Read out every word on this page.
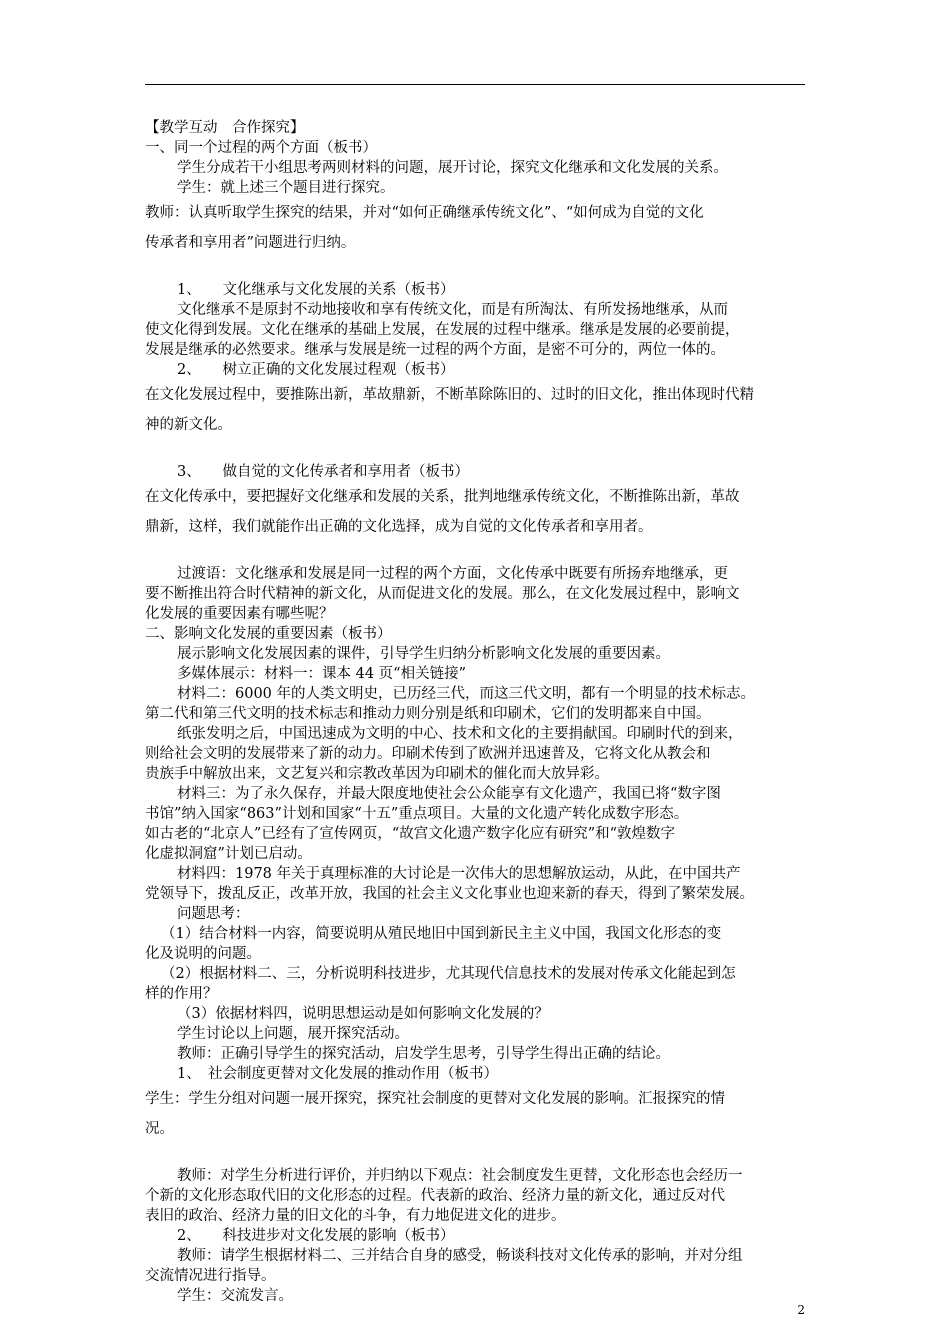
【教学互动　合作探究】
一、同一个过程的两个方面（板书）
学生分成若干小组思考两则材料的问题，展开讨论，探究文化继承和文化发展的关系。
学生：就上述三个题目进行探究。
教师：认真听取学生探究的结果，并对“如何正确继承传统文化”、“如何成为自觉的文化
传承者和享用者”问题进行归纳。
1、　　文化继承与文化发展的关系（板书）
文化继承不是原封不动地接收和享有传统文化，而是有所淘汰、有所发扬地继承，从而
使文化得到发展。文化在继承的基础上发展，在发展的过程中继承。继承是发展的必要前提，
发展是继承的必然要求。继承与发展是统一过程的两个方面，是密不可分的，两位一体的。
2、　　树立正确的文化发展过程观（板书）
在文化发展过程中，要推陈出新，革故鼎新，不断革除陈旧的、过时的旧文化，推出体现时代精
神的新文化。
3、　　做自觉的文化传承者和享用者（板书）
在文化传承中，要把握好文化继承和发展的关系，批判地继承传统文化，不断推陈出新，革故
鼎新，这样，我们就能作出正确的文化选择，成为自觉的文化传承者和享用者。
过渡语：文化继承和发展是同一过程的两个方面，文化传承中既要有所扬弃地继承，更
要不断推出符合时代精神的新文化，从而促进文化的发展。那么，在文化发展过程中，影响文
化发展的重要因素有哪些呢？
二、影响文化发展的重要因素（板书）
展示影响文化发展因素的课件，引导学生归纳分析影响文化发展的重要因素。
多媒体展示：材料一：课本 44 页“相关链接”
材料二：6000 年的人类文明史，已历经三代，而这三代文明，都有一个明显的技术标志。
第二代和第三代文明的技术标志和推动力则分别是纸和印刷术，它们的发明都来自中国。
纸张发明之后，中国迅速成为文明的中心、技术和文化的主要捐献国。印刷时代的到来，
则给社会文明的发展带来了新的动力。印刷术传到了欧洲并迅速普及，它将文化从教会和
贵族手中解放出来，文艺复兴和宗教改革因为印刷术的催化而大放异彩。
材料三：为了永久保存，并最大限度地使社会公众能享有文化遗产，我国已将“数字图
书馆”纳入国家“863”计划和国家“十五”重点项目。大量的文化遗产转化成数字形态。
如古老的“北京人”已经有了宣传网页，“故宫文化遗产数字化应有研究”和“敦煌数字
化虚拟洞窟”计划已启动。
材料四：1978 年关于真理标准的大讨论是一次伟大的思想解放运动，从此，在中国共产
党领导下，拨乱反正，改革开放，我国的社会主义文化事业也迎来新的春天，得到了繁荣发展。
问题思考：
（1）结合材料一内容，简要说明从殖民地旧中国到新民主主义中国，我国文化形态的变
化及说明的问题。
（2）根据材料二、三，分析说明科技进步，尤其现代信息技术的发展对传承文化能起到怎
样的作用？
（3）依据材料四，说明思想运动是如何影响文化发展的？
学生讨论以上问题，展开探究活动。
教师：正确引导学生的探究活动，启发学生思考，引导学生得出正确的结论。
1、　社会制度更替对文化发展的推动作用（板书）
学生：学生分组对问题一展开探究，探究社会制度的更替对文化发展的影响。汇报探究的情
况。
教师：对学生分析进行评价，并归纳以下观点：社会制度发生更替，文化形态也会经历一
个新的文化形态取代旧的文化形态的过程。代表新的政治、经济力量的新文化，通过反对代
表旧的政治、经济力量的旧文化的斗争，有力地促进文化的进步。
2、　　科技进步对文化发展的影响（板书）
教师：请学生根据材料二、三并结合自身的感受，畅谈科技对文化传承的影响，并对分组
交流情况进行指导。
学生：交流发言。
2
